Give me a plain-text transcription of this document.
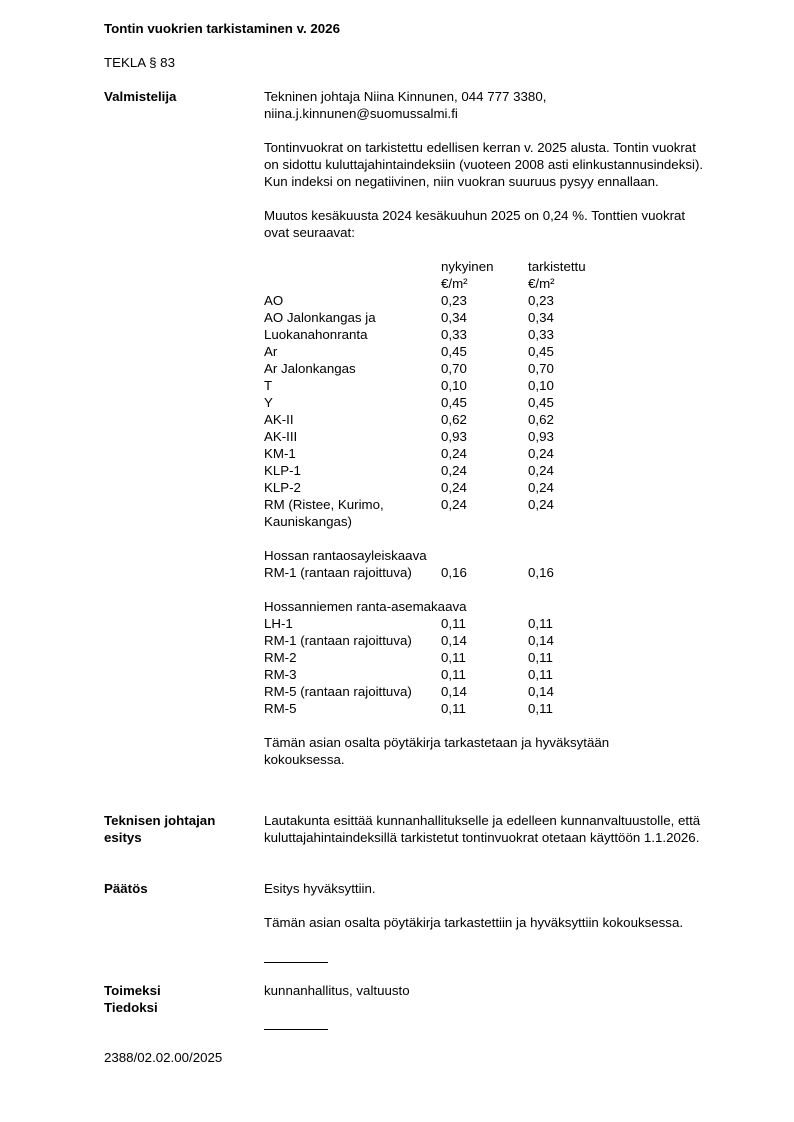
Tontin vuokrien tarkistaminen v. 2026
TEKLA § 83
Valmistelija	Tekninen johtaja Niina Kinnunen, 044 777 3380,

niina.j.kinnunen@suomussalmi.fi

Tontinvuokrat on tarkistettu edellisen kerran v. 2025 alusta. Tontin vuokrat on sidottu kuluttajahintaindeksiin (vuoteen 2008 asti elinkustannusindeksi). Kun indeksi on negatiivinen, niin vuokran suuruus pysyy ennallaan.

Muutos kesäkuusta 2024 kesäkuuhun 2025 on 0,24 %. Tonttien vuokrat ovat seuraavat:

	nykyinen	tarkistettu
	€/m²	€/m²
AO	0,23	0,23
AO Jalonkangas ja	0,34	0,34
Luokanahonranta	0,33	0,33
Ar	0,45	0,45
Ar Jalonkangas	0,70	0,70
T	0,10	0,10
Y	0,45	0,45
AK-II	0,62	0,62
AK-III	0,93	0,93
KM-1	0,24	0,24
KLP-1	0,24	0,24
KLP-2	0,24	0,24
RM (Ristee, Kurimo,	0,24	0,24
Kauniskangas)		

Hossan rantaosayleiskaava		
RM-1 (rantaan rajoittuva)	0,16	0,16

Hossanniemen ranta-asemakaava		
LH-1	0,11	0,11
RM-1 (rantaan rajoittuva)	0,14	0,14
RM-2	0,11	0,11
RM-3	0,11	0,11
RM-5 (rantaan rajoittuva)	0,14	0,14
RM-5	0,11	0,11

Tämän asian osalta pöytäkirja tarkastetaan ja hyväksytään kokouksessa.

Teknisen johtajan
esitys
Lautakunta esittää kunnanhallitukselle ja edelleen kunnanvaltuustolle, että kuluttajahintaindeksillä tarkistetut tontinvuokrat otetaan käyttöön 1.1.2026.
Päätös	Esitys hyväksyttiin.

Tämän asian osalta pöytäkirja tarkastettiin ja hyväksyttiin kokouksessa.

Toimeksi
Tiedoksi
kunnanhallitus, valtuusto
2388/02.02.00/2025
